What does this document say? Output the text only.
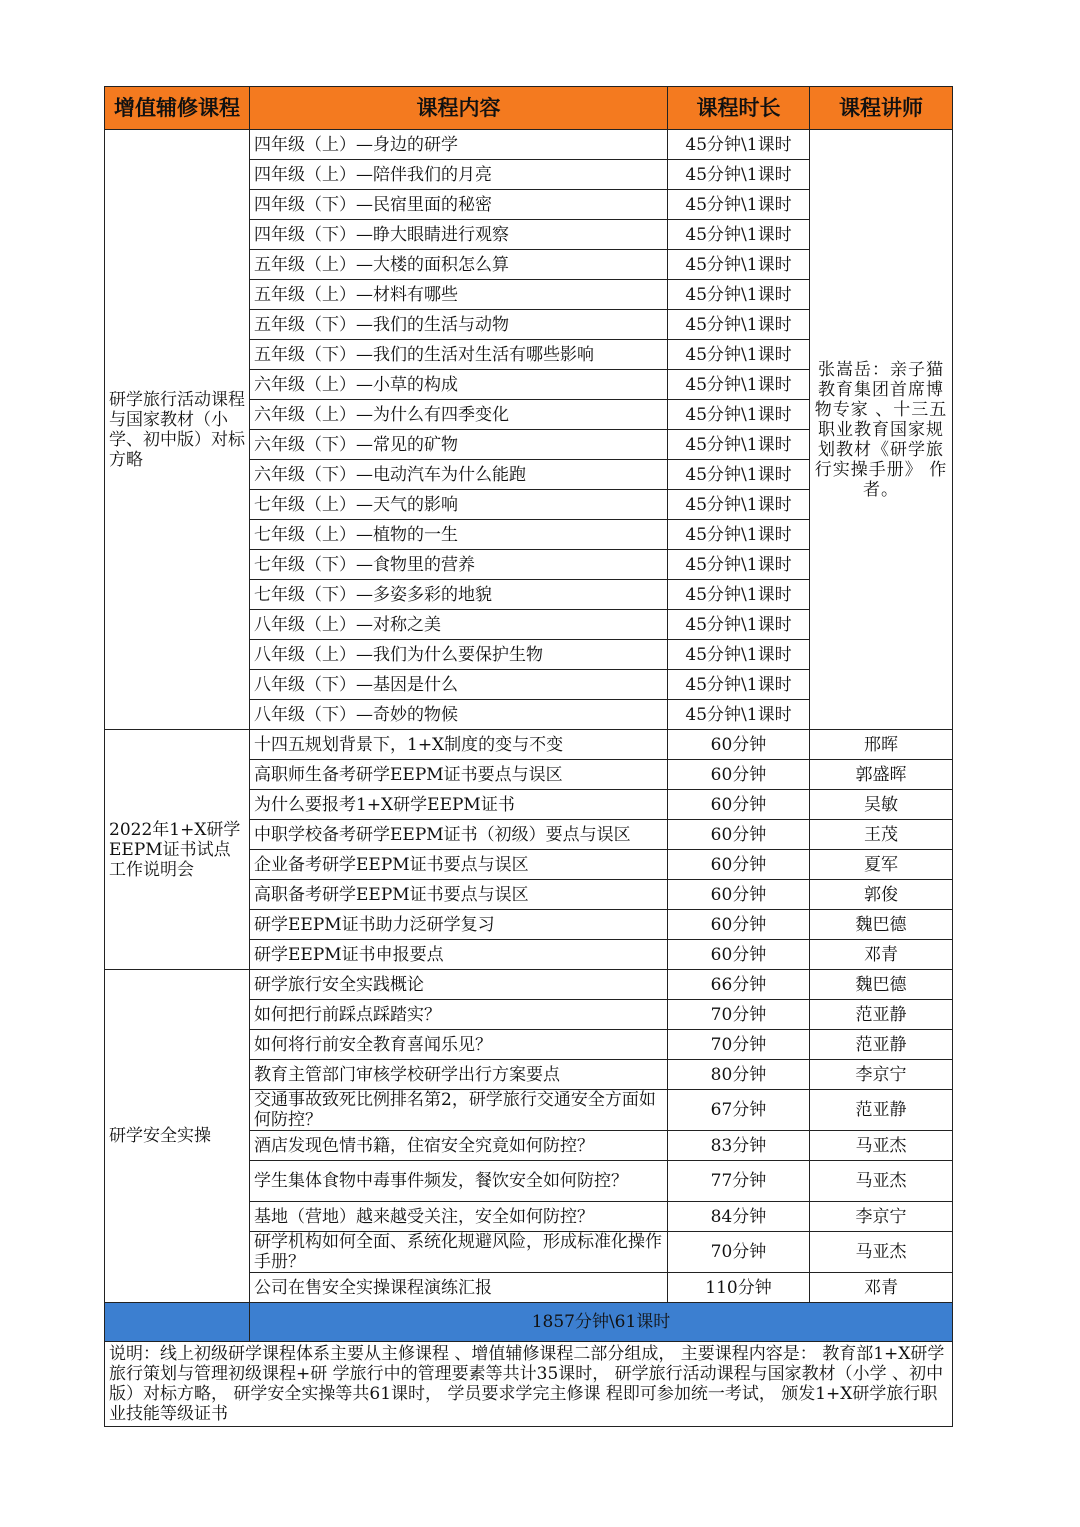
增值辅修课程	课程内容	课程时长	课程讲师
研学旅行活动课程与国家教材（小学、初中版）对标方略	四年级（上）—身边的研学	45分钟\1课时	张嵩岳：亲子猫教育集团首席博 物专家 、十三五 职业教育国家规 划教材《研学旅 行实操手册》 作者。
	四年级（上）—陪伴我们的月亮	45分钟\1课时	
	四年级（下）—民宿里面的秘密	45分钟\1课时	
	四年级（下）—睁大眼睛进行观察	45分钟\1课时	
	五年级（上）—大楼的面积怎么算	45分钟\1课时	
	五年级（上）—材料有哪些	45分钟\1课时	
	五年级（下）—我们的生活与动物	45分钟\1课时	
	五年级（下）—我们的生活对生活有哪些影响	45分钟\1课时	
	六年级（上）—小草的构成	45分钟\1课时	
	六年级（上）—为什么有四季变化	45分钟\1课时	
	六年级（下）—常见的矿物	45分钟\1课时	
	六年级（下）—电动汽车为什么能跑	45分钟\1课时	
	七年级（上）—天气的影响	45分钟\1课时	
	七年级（上）—植物的一生	45分钟\1课时	
	七年级（下）—食物里的营养	45分钟\1课时	
	七年级（下）—多姿多彩的地貌	45分钟\1课时	
	八年级（上）—对称之美	45分钟\1课时	
	八年级（上）—我们为什么要保护生物	45分钟\1课时	
	八年级（下）—基因是什么	45分钟\1课时	
	八年级（下）—奇妙的物候	45分钟\1课时	
2022年1+X研学EEPM证书试点工作说明会	十四五规划背景下，1+X制度的变与不变	60分钟	邢晖
	高职师生备考研学EEPM证书要点与误区	60分钟	郭盛晖
	为什么要报考1+X研学EEPM证书	60分钟	吴敏
	中职学校备考研学EEPM证书（初级）要点与误区	60分钟	王茂
	企业备考研学EEPM证书要点与误区	60分钟	夏军
	高职备考研学EEPM证书要点与误区	60分钟	郭俊
	研学EEPM证书助力泛研学复习	60分钟	魏巴德
	研学EEPM证书申报要点	60分钟	邓青
研学安全实操	研学旅行安全实践概论	66分钟	魏巴德
	如何把行前踩点踩踏实？	70分钟	范亚静
	如何将行前安全教育喜闻乐见？	70分钟	范亚静
	教育主管部门审核学校研学出行方案要点	80分钟	李京宁
	交通事故致死比例排名第2，研学旅行交通安全方面如何防控？	67分钟	范亚静
	酒店发现色情书籍，住宿安全究竟如何防控？	83分钟	马亚杰
	学生集体食物中毒事件频发，餐饮安全如何防控？	77分钟	马亚杰
	基地（营地）越来越受关注，安全如何防控？	84分钟	李京宁
	研学机构如何全面、系统化规避风险，形成标准化操作手册？	70分钟	马亚杰
	公司在售安全实操课程演练汇报	110分钟	邓青
	1857分钟\61课时		
说明：线上初级研学课程体系主要从主修课程 、增值辅修课程二部分组成， 主要课程内容是： 教育部1+X研学旅行策划与管理初级课程+研 学旅行中的管理要素等共计35课时， 研学旅行活动课程与国家教材（小学 、初中版）对标方略， 研学安全实操等共61课时， 学员要求学完主修课 程即可参加统一考试， 颁发1+X研学旅行职业技能等级证书			
